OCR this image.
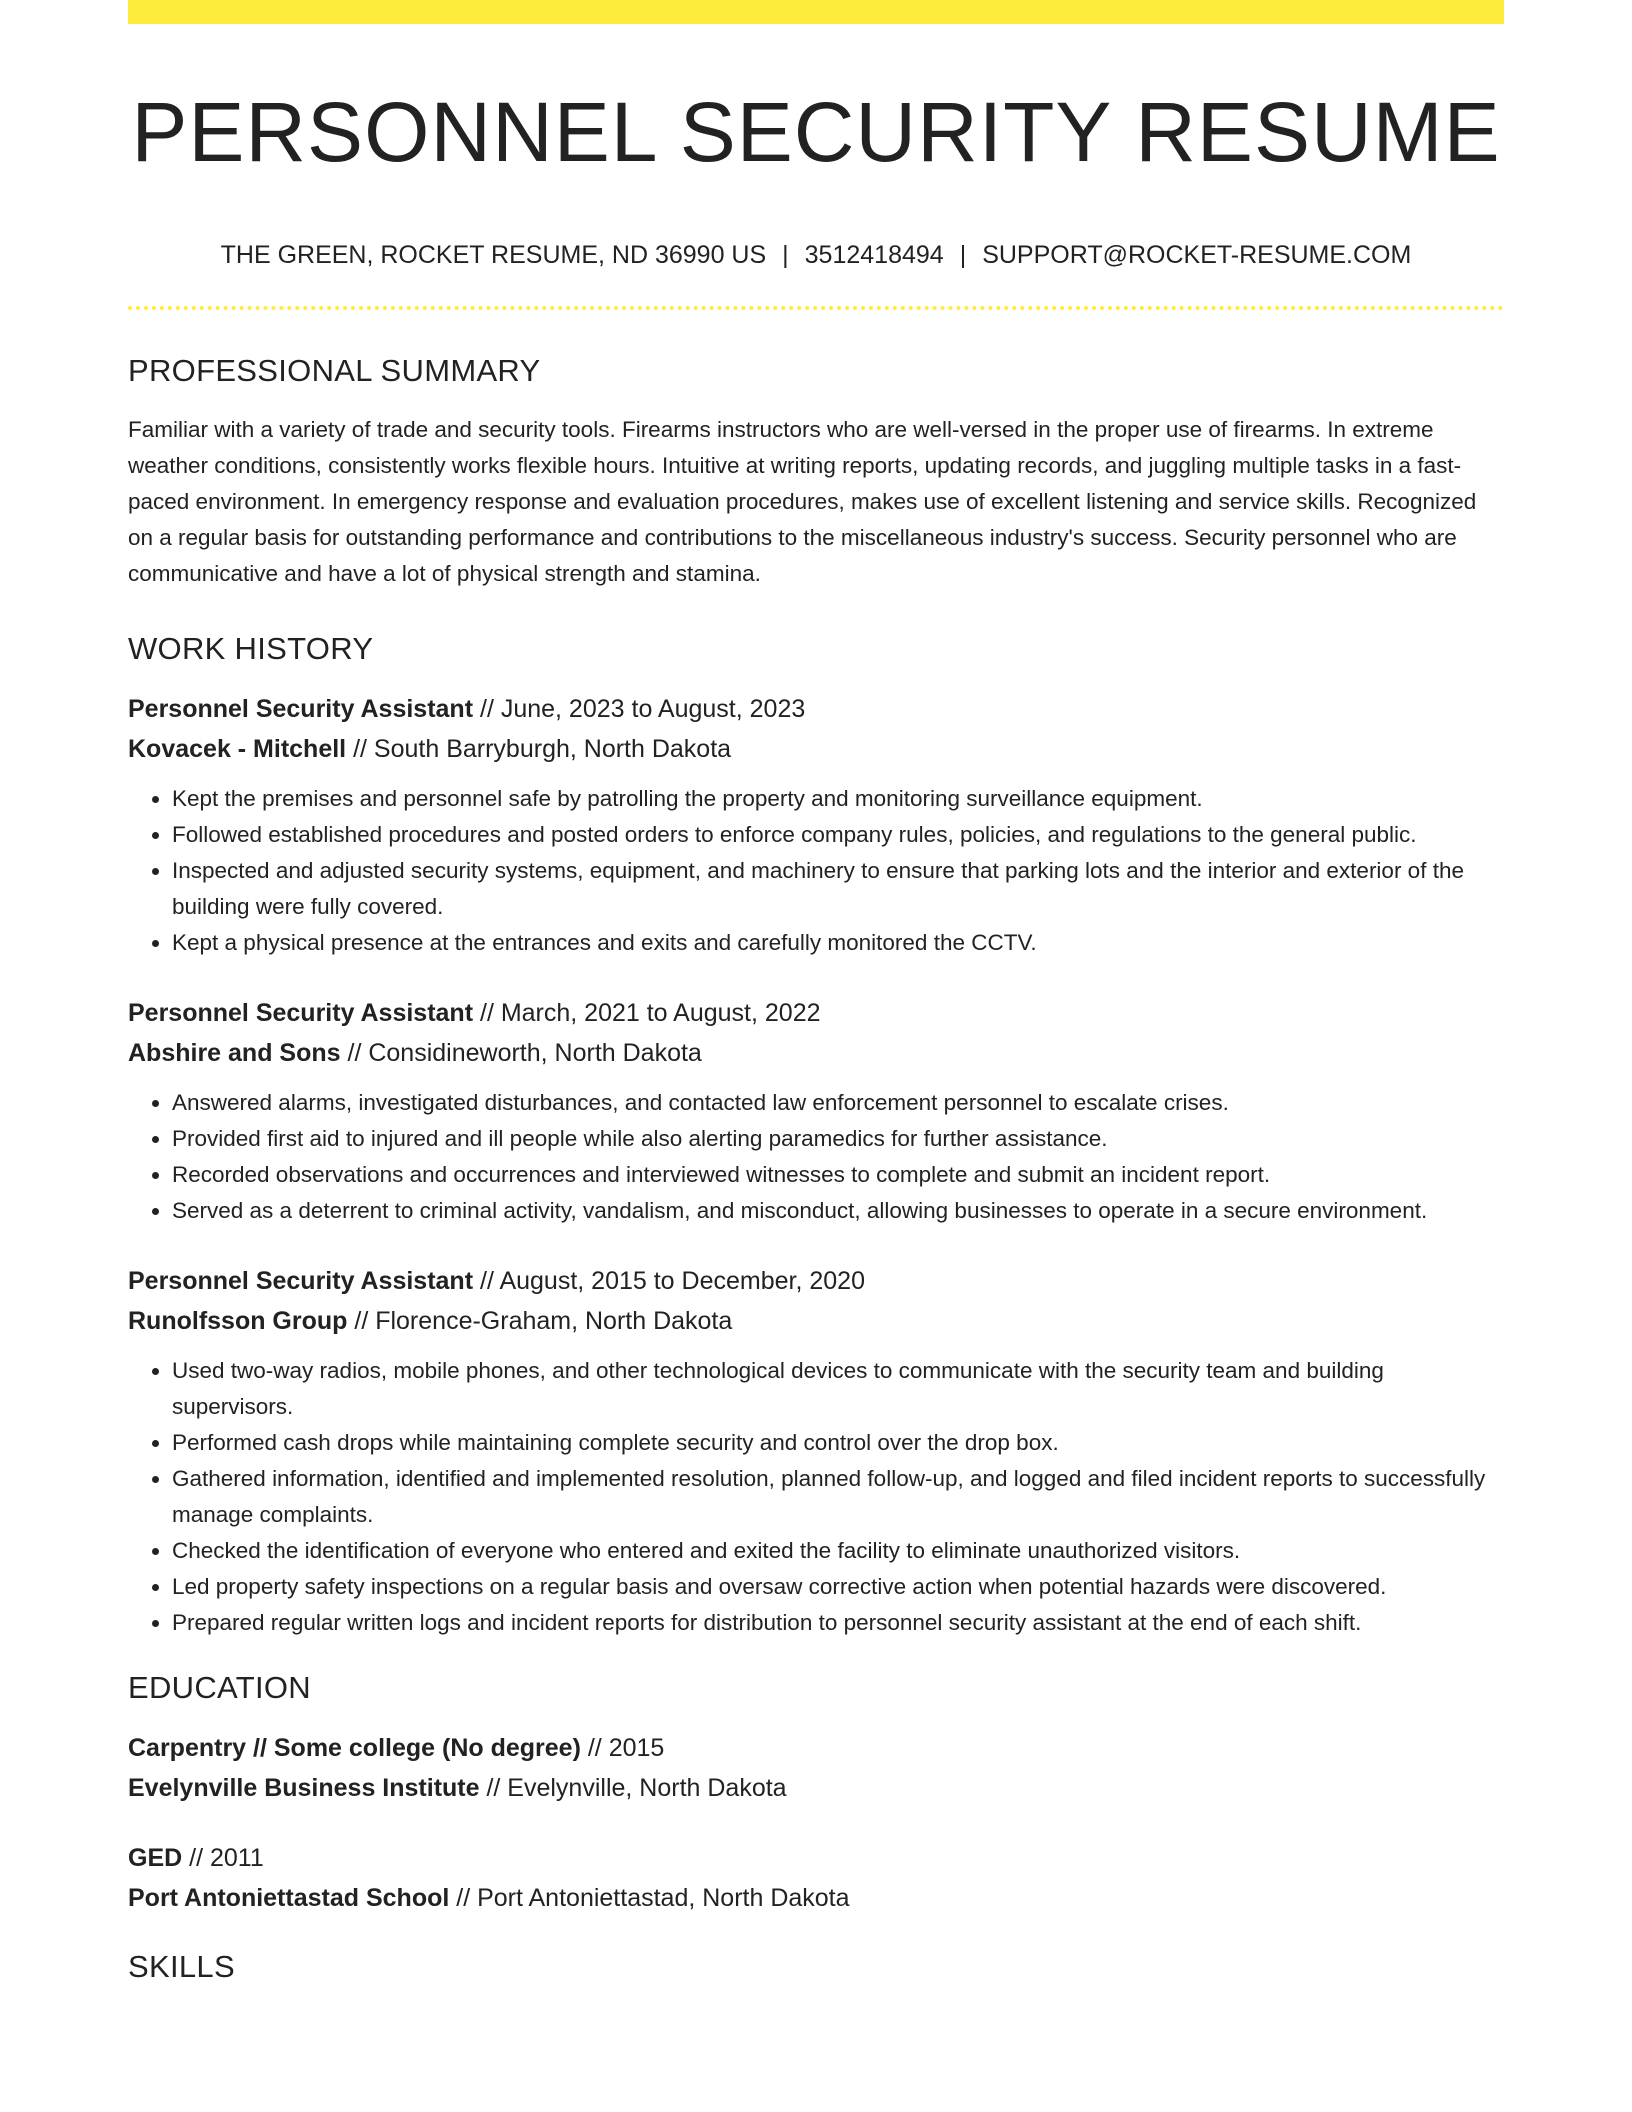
PERSONNEL SECURITY RESUME
THE GREEN, ROCKET RESUME, ND 36990 US | 3512418494 | SUPPORT@ROCKET-RESUME.COM
PROFESSIONAL SUMMARY
Familiar with a variety of trade and security tools. Firearms instructors who are well-versed in the proper use of firearms. In extreme weather conditions, consistently works flexible hours. Intuitive at writing reports, updating records, and juggling multiple tasks in a fast-paced environment. In emergency response and evaluation procedures, makes use of excellent listening and service skills. Recognized on a regular basis for outstanding performance and contributions to the miscellaneous industry's success. Security personnel who are communicative and have a lot of physical strength and stamina.
WORK HISTORY
Personnel Security Assistant // June, 2023 to August, 2023
Kovacek - Mitchell // South Barryburgh, North Dakota
• Kept the premises and personnel safe by patrolling the property and monitoring surveillance equipment.
• Followed established procedures and posted orders to enforce company rules, policies, and regulations to the general public.
• Inspected and adjusted security systems, equipment, and machinery to ensure that parking lots and the interior and exterior of the building were fully covered.
• Kept a physical presence at the entrances and exits and carefully monitored the CCTV.
Personnel Security Assistant // March, 2021 to August, 2022
Abshire and Sons // Considineworth, North Dakota
• Answered alarms, investigated disturbances, and contacted law enforcement personnel to escalate crises.
• Provided first aid to injured and ill people while also alerting paramedics for further assistance.
• Recorded observations and occurrences and interviewed witnesses to complete and submit an incident report.
• Served as a deterrent to criminal activity, vandalism, and misconduct, allowing businesses to operate in a secure environment.
Personnel Security Assistant // August, 2015 to December, 2020
Runolfsson Group // Florence-Graham, North Dakota
• Used two-way radios, mobile phones, and other technological devices to communicate with the security team and building supervisors.
• Performed cash drops while maintaining complete security and control over the drop box.
• Gathered information, identified and implemented resolution, planned follow-up, and logged and filed incident reports to successfully manage complaints.
• Checked the identification of everyone who entered and exited the facility to eliminate unauthorized visitors.
• Led property safety inspections on a regular basis and oversaw corrective action when potential hazards were discovered.
• Prepared regular written logs and incident reports for distribution to personnel security assistant at the end of each shift.
EDUCATION
Carpentry // Some college (No degree) // 2015
Evelynville Business Institute // Evelynville, North Dakota
GED // 2011
Port Antoniettastad School // Port Antoniettastad, North Dakota
SKILLS
